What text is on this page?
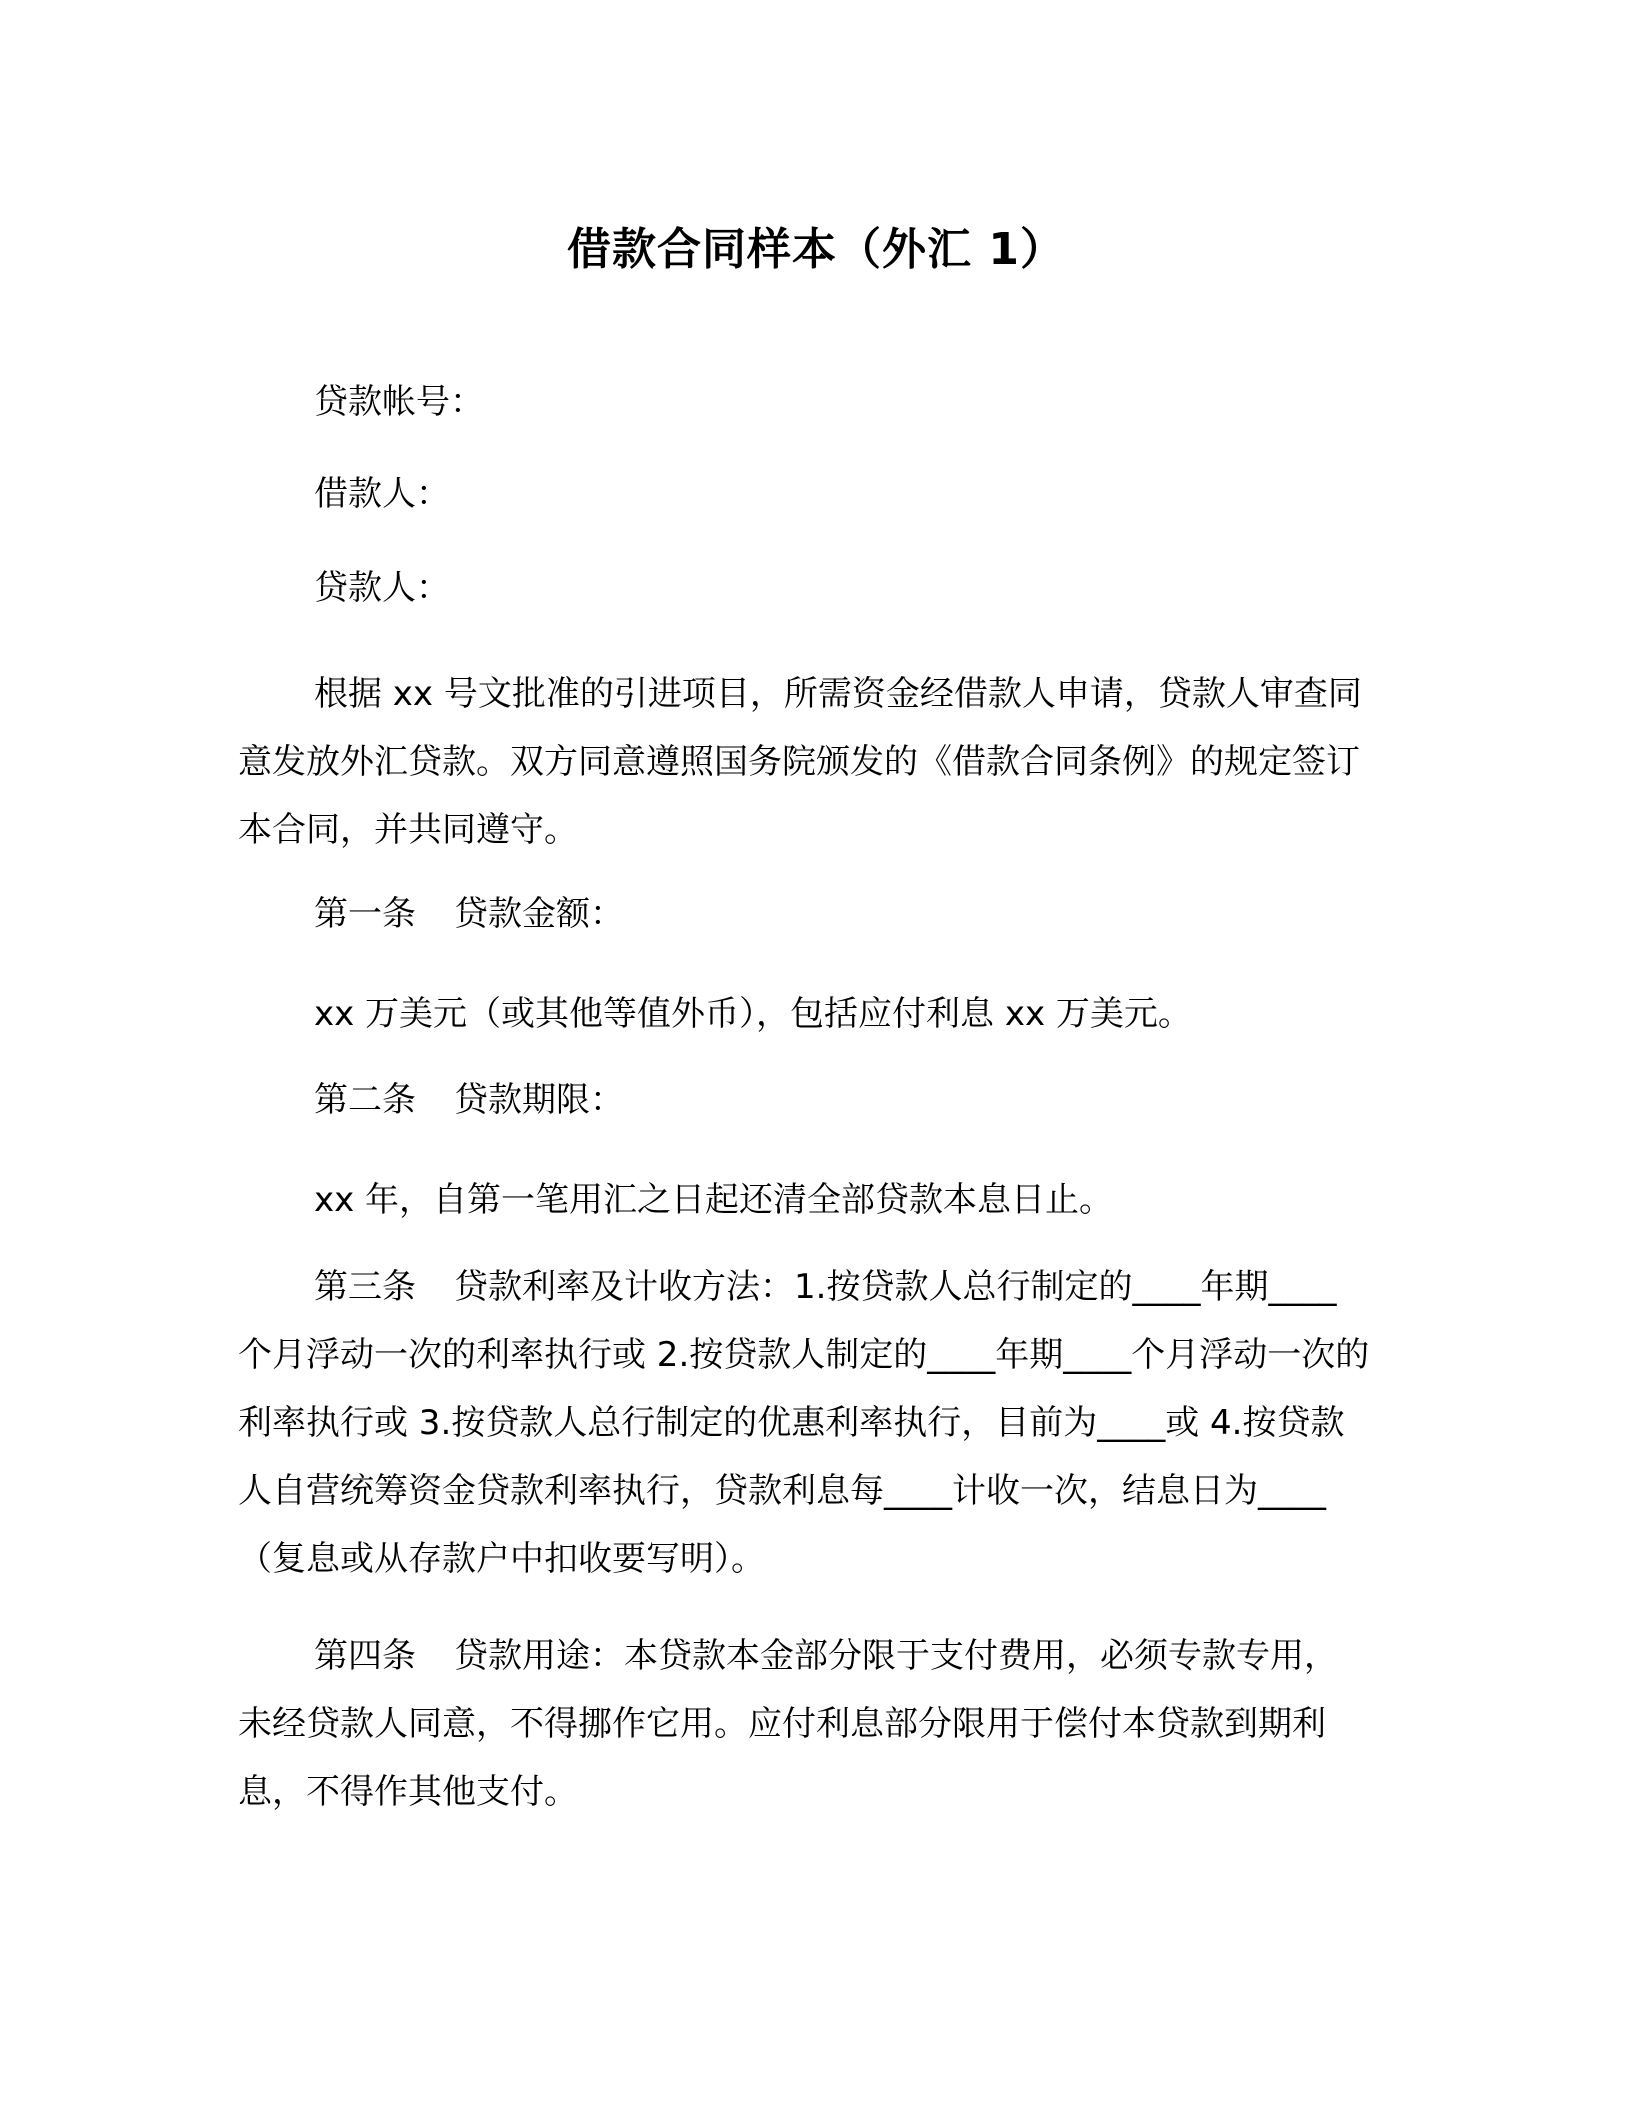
借款合同样本（外汇 1）

贷款帐号：

借款人：

贷款人：

根据 xx 号文批准的引进项目，所需资金经借款人申请，贷款人审查同意发放外汇贷款。双方同意遵照国务院颁发的《借款合同条例》的规定签订本合同，并共同遵守。

第一条 贷款金额：

xx 万美元（或其他等值外币），包括应付利息 xx 万美元。

第二条 贷款期限：

xx 年，自第一笔用汇之日起还清全部贷款本息日止。

第三条 贷款利率及计收方法：1.按贷款人总行制定的____年期____个月浮动一次的利率执行或 2.按贷款人制定的____年期____个月浮动一次的利率执行或 3.按贷款人总行制定的优惠利率执行，目前为____或 4.按贷款人自营统筹资金贷款利率执行，贷款利息每____计收一次，结息日为____（复息或从存款户中扣收要写明）。

第四条 贷款用途：本贷款本金部分限于支付费用，必须专款专用，未经贷款人同意，不得挪作它用。应付利息部分限用于偿付本贷款到期利息，不得作其他支付。
